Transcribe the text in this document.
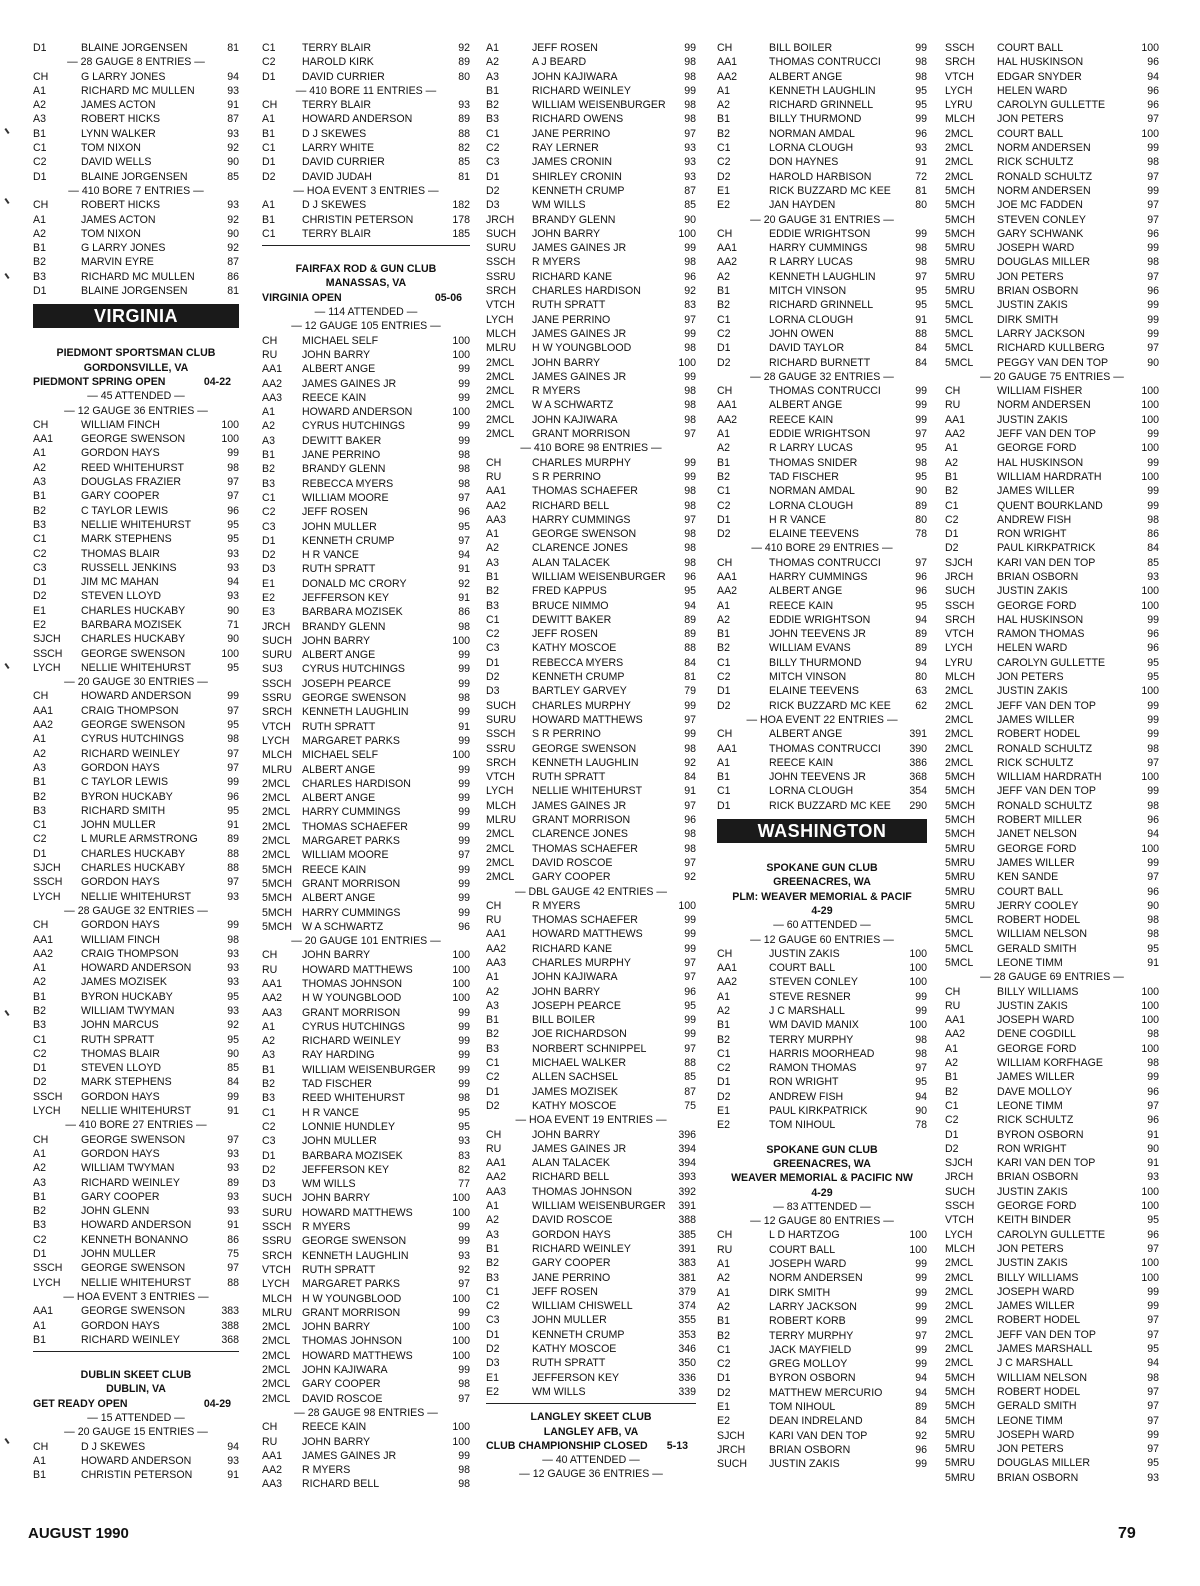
D1	BLAINE JORGENSEN	81
— 28 GAUGE 8 ENTRIES —
CH	G LARRY JONES	94
A1	RICHARD MC MULLEN	93
A2	JAMES ACTON	91
A3	ROBERT HICKS	87
B1	LYNN WALKER	93
C1	TOM NIXON	92
C2	DAVID WELLS	90
D1	BLAINE JORGENSEN	85
— 410 BORE 7 ENTRIES —
CH	ROBERT HICKS	93
A1	JAMES ACTON	92
A2	TOM NIXON	90
B1	G LARRY JONES	92
B2	MARVIN EYRE	87
B3	RICHARD MC MULLEN	86
D1	BLAINE JORGENSEN	81
VIRGINIA
PIEDMONT SPORTSMAN CLUB
GORDONSVILLE, VA
PIEDMONT SPRING OPEN	04-22
— 45 ATTENDED —
— 12 GAUGE 36 ENTRIES —
CH	WILLIAM FINCH	100
AA1	GEORGE SWENSON	100
A1	GORDON HAYS	99
A2	REED WHITEHURST	98
A3	DOUGLAS FRAZIER	97
B1	GARY COOPER	97
B2	C TAYLOR LEWIS	96
B3	NELLIE WHITEHURST	95
C1	MARK STEPHENS	95
C2	THOMAS BLAIR	93
C3	RUSSELL JENKINS	93
D1	JIM MC MAHAN	94
D2	STEVEN LLOYD	93
E1	CHARLES HUCKABY	90
E2	BARBARA MOZISEK	71
SJCH CHARLES HUCKABY	90
SSCH GEORGE SWENSON	100
LYCH NELLIE WHITEHURST	95
— 20 GAUGE 30 ENTRIES —
CH	HOWARD ANDERSON	99
AA1	CRAIG THOMPSON	97
AA2	GEORGE SWENSON	95
A1	CYRUS HUTCHINGS	98
A2	RICHARD WEINLEY	97
A3	GORDON HAYS	97
B1	C TAYLOR LEWIS	99
B2	BYRON HUCKABY	96
B3	RICHARD SMITH	95
C1	JOHN MULLER	91
C2	L MURLE ARMSTRONG	89
D1	CHARLES HUCKABY	88
SJCH CHARLES HUCKABY	88
SSCH GORDON HAYS	97
LYCH NELLIE WHITEHURST	93
— 28 GAUGE 32 ENTRIES —
CH	GORDON HAYS	99
AA1	WILLIAM FINCH	98
AA2	CRAIG THOMPSON	93
A1	HOWARD ANDERSON	93
A2	JAMES MOZISEK	93
B1	BYRON HUCKABY	95
B2	WILLIAM TWYMAN	93
B3	JOHN MARCUS	92
C1	RUTH SPRATT	95
C2	THOMAS BLAIR	90
D1	STEVEN LLOYD	85
D2	MARK STEPHENS	84
SSCH GORDON HAYS	99
LYCH NELLIE WHITEHURST	91
— 410 BORE 27 ENTRIES —
CH	GEORGE SWENSON	97
A1	GORDON HAYS	93
A2	WILLIAM TWYMAN	93
A3	RICHARD WEINLEY	89
B1	GARY COOPER	93
B2	JOHN GLENN	93
B3	HOWARD ANDERSON	91
C2	KENNETH BONANNO	86
D1	JOHN MULLER	75
SSCH GEORGE SWENSON	97
LYCH NELLIE WHITEHURST	88
— HOA EVENT 3 ENTRIES —
AA1	GEORGE SWENSON	383
A1	GORDON HAYS	388
B1	RICHARD WEINLEY	368
DUBLIN SKEET CLUB
DUBLIN, VA
GET READY OPEN	04-29
— 15 ATTENDED —
— 20 GAUGE 15 ENTRIES —
CH	D J SKEWES	94
A1	HOWARD ANDERSON	93
B1	CHRISTIN PETERSON	91
C1 TERRY BLAIR	92
C2 HAROLD KIRK	89
D1 DAVID CURRIER	80
— 410 BORE 11 ENTRIES —
CH TERRY BLAIR	93
A1	HOWARD ANDERSON	89
B1	D J SKEWES	88
C1 LARRY WHITE	82
D1 DAVID CURRIER	85
D2 DAVID JUDAH	81
— HOA EVENT 3 ENTRIES —
A1	D J SKEWES	182
B1	CHRISTIN PETERSON	178
C1 TERRY BLAIR	185
FAIRFAX ROD & GUN CLUB
MANASSAS, VA
VIRGINIA OPEN	05-06
— 114 ATTENDED —
— 12 GAUGE 105 ENTRIES —
CH MICHAEL SELF	100
RU JOHN BARRY	100
AA1 ALBERT ANGE	99
AA2 JAMES GAINES JR	99
AA3 REECE KAIN	99
A1	HOWARD ANDERSON	100
A2	CYRUS HUTCHINGS	99
A3	DEWITT BAKER	99
B1	JANE PERRINO	98
B2	BRANDY GLENN	98
B3	REBECCA MYERS	98
C1 WILLIAM MOORE	97
C2 JEFF ROSEN	96
C3 JOHN MULLER	95
D1 KENNETH CRUMP	97
D2 H R VANCE	94
D3 RUTH SPRATT	91
E1	DONALD MC CRORY	92
E2	JEFFERSON KEY	91
E3	BARBARA MOZISEK	86
JRCH BRANDY GLENN	98
SUCH JOHN BARRY	100
SURU ALBERT ANGE	99
SU3 CYRUS HUTCHINGS	99
SSCH JOSEPH PEARCE	99
SSRU GEORGE SWENSON	98
SRCH KENNETH LAUGHLIN	99
VTCH RUTH SPRATT	91
LYCH MARGARET PARKS	99
MLCH MICHAEL SELF	100
MLRU ALBERT ANGE	99
2MCL CHARLES HARDISON	99
2MCL ALBERT ANGE	99
2MCL HARRY CUMMINGS	99
2MCL THOMAS SCHAEFER	99
2MCL MARGARET PARKS	99
2MCL WILLIAM MOORE	97
5MCH REECE KAIN	99
5MCH GRANT MORRISON	99
5MCH ALBERT ANGE	99
5MCH HARRY CUMMINGS	99
5MCH W A SCHWARTZ	96
— 20 GAUGE 101 ENTRIES —
CH JOHN BARRY	100
RU HOWARD MATTHEWS	100
AA1 THOMAS JOHNSON	100
AA2 H W YOUNGBLOOD	100
AA3 GRANT MORRISON	99
A1	CYRUS HUTCHINGS	99
A2	RICHARD WEINLEY	99
A3	RAY HARDING	99
B1	WILLIAM WEISENBURGER 99
B2	TAD FISCHER	99
B3	REED WHITEHURST	98
C1 H R VANCE	95
C2 LONNIE HUNDLEY	95
C3 JOHN MULLER	93
D1 BARBARA MOZISEK	83
D2 JEFFERSON KEY	82
D3 WM WILLS	77
SUCH JOHN BARRY	100
SURU HOWARD MATTHEWS	100
SSCH R MYERS	99
SSRU GEORGE SWENSON	99
SRCH KENNETH LAUGHLIN	93
VTCH RUTH SPRATT	92
LYCH MARGARET PARKS	97
MLCH H W YOUNGBLOOD	100
MLRU GRANT MORRISON	99
2MCL JOHN BARRY	100
2MCL THOMAS JOHNSON	100
2MCL HOWARD MATTHEWS	100
2MCL JOHN KAJIWARA	99
2MCL GARY COOPER	98
2MCL DAVID ROSCOE	97
— 28 GAUGE 98 ENTRIES —
CH REECE KAIN	100
RU JOHN BARRY	100
AA1 JAMES GAINES JR	99
AA2 R MYERS	98
AA3 RICHARD BELL	98
A1	JEFF ROSEN	99
A2	A J BEARD	98
A3	JOHN KAJIWARA	98
B1	RICHARD WEINLEY	99
B2	WILLIAM WEISENBURGER 98
B3	RICHARD OWENS	98
C1	JANE PERRINO	97
C2	RAY LERNER	93
C3	JAMES CRONIN	93
D1	SHIRLEY CRONIN	93
D2	KENNETH CRUMP	87
D3	WM WILLS	85
JRCH BRANDY GLENN	90
SUCH JOHN BARRY	100
SURU JAMES GAINES JR	99
SSCH R MYERS	98
SSRU RICHARD KANE	96
SRCH CHARLES HARDISON	92
VTCH RUTH SPRATT	83
LYCH JANE PERRINO	97
MLCH JAMES GAINES JR	99
MLRU H W YOUNGBLOOD	98
2MCL JOHN BARRY	100
2MCL JAMES GAINES JR	99
2MCL R MYERS	98
2MCL W A SCHWARTZ	98
2MCL JOHN KAJIWARA	98
2MCL GRANT MORRISON	97
— 410 BORE 98 ENTRIES —
CH	CHARLES MURPHY	99
RU	S R PERRINO	99
AA1 THOMAS SCHAEFER	98
AA2 RICHARD BELL	98
AA3 HARRY CUMMINGS	97
A1	GEORGE SWENSON	98
A2	CLARENCE JONES	98
A3	ALAN TALACEK	98
B1	WILLIAM WEISENBURGER 96
B2	FRED KAPPUS	95
B3	BRUCE NIMMO	94
C1	DEWITT BAKER	89
C2	JEFF ROSEN	89
C3	KATHY MOSCOE	88
D1	REBECCA MYERS	84
D2	KENNETH CRUMP	81
D3	BARTLEY GARVEY	79
SUCH CHARLES MURPHY	99
SURU HOWARD MATTHEWS	97
SSCH S R PERRINO	99
SSRU GEORGE SWENSON	98
SRCH KENNETH LAUGHLIN	92
VTCH RUTH SPRATT	84
LYCH NELLIE WHITEHURST	91
MLCH JAMES GAINES JR	97
MLRU GRANT MORRISON	96
2MCL CLARENCE JONES	98
2MCL THOMAS SCHAEFER	98
2MCL DAVID ROSCOE	97
2MCL GARY COOPER	92
— DBL GAUGE 42 ENTRIES —
CH	R MYERS	100
RU	THOMAS SCHAEFER	99
AA1 HOWARD MATTHEWS	99
AA2 RICHARD KANE	99
AA3 CHARLES MURPHY	97
A1	JOHN KAJIWARA	97
A2	JOHN BARRY	96
A3	JOSEPH PEARCE	95
B1	BILL BOILER	99
B2	JOE RICHARDSON	99
B3	NORBERT SCHNIPPEL	97
C1	MICHAEL WALKER	88
C2	ALLEN SACHSEL	85
D1	JAMES MOZISEK	87
D2	KATHY MOSCOE	75
— HOA EVENT 19 ENTRIES —
CH	JOHN BARRY	396
RU	JAMES GAINES JR	394
AA1 ALAN TALACEK	394
AA2 RICHARD BELL	393
AA3 THOMAS JOHNSON	392
A1	WILLIAM WEISENBURGER 391
A2	DAVID ROSCOE	388
A3	GORDON HAYS	385
B1	RICHARD WEINLEY	391
B2	GARY COOPER	383
B3	JANE PERRINO	381
C1	JEFF ROSEN	379
C2	WILLIAM CHISWELL	374
C3	JOHN MULLER	355
D1	KENNETH CRUMP	353
D2	KATHY MOSCOE	346
D3	RUTH SPRATT	350
E1	JEFFERSON KEY	336
E2	WM WILLS	339
LANGLEY SKEET CLUB
LANGLEY AFB, VA
CLUB CHAMPIONSHIP CLOSED 5-13
— 40 ATTENDED —
— 12 GAUGE 36 ENTRIES —
CH	BILL BOILER	99
AA1	THOMAS CONTRUCCI	98
AA2	ALBERT ANGE	98
A1	KENNETH LAUGHLIN	95
A2	RICHARD GRINNELL	95
B1	BILLY THURMOND	99
B2	NORMAN AMDAL	96
C1	LORNA CLOUGH	93
C2	DON HAYNES	91
D2	HAROLD HARBISON	72
E1	RICK BUZZARD MC KEE 81
E2	JAN HAYDEN	80
— 20 GAUGE 31 ENTRIES —
CH	EDDIE WRIGHTSON	99
AA1	HARRY CUMMINGS	98
AA2	R LARRY LUCAS	98
A2	KENNETH LAUGHLIN	97
B1	MITCH VINSON	95
B2	RICHARD GRINNELL	95
C1	LORNA CLOUGH	91
C2	JOHN OWEN	88
D1	DAVID TAYLOR	84
D2	RICHARD BURNETT	84
— 28 GAUGE 32 ENTRIES —
CH	THOMAS CONTRUCCI	99
AA1	ALBERT ANGE	99
AA2	REECE KAIN	99
A1	EDDIE WRIGHTSON	97
A2	R LARRY LUCAS	95
B1	THOMAS SNIDER	98
B2	TAD FISCHER	95
C1	NORMAN AMDAL	90
C2	LORNA CLOUGH	89
D1	H R VANCE	80
D2	ELAINE TEEVENS	78
— 410 BORE 29 ENTRIES —
CH	THOMAS CONTRUCCI	97
AA1	HARRY CUMMINGS	96
AA2	ALBERT ANGE	96
A1	REECE KAIN	95
A2	EDDIE WRIGHTSON	94
B1	JOHN TEEVENS JR	89
B2	WILLIAM EVANS	89
C1	BILLY THURMOND	94
C2	MITCH VINSON	80
D1	ELAINE TEEVENS	63
D2	RICK BUZZARD MC KEE 62
— HOA EVENT 22 ENTRIES —
CH	ALBERT ANGE	391
AA1	THOMAS CONTRUCCI	390
A1	REECE KAIN	386
B1	JOHN TEEVENS JR	368
C1	LORNA CLOUGH	354
D1	RICK BUZZARD MC KEE 290
WASHINGTON
SPOKANE GUN CLUB
GREENACRES, WA
PLM: WEAVER MEMORIAL & PACIF
4-29
— 60 ATTENDED —
— 12 GAUGE 60 ENTRIES —
CH	JUSTIN ZAKIS	100
AA1	COURT BALL	100
AA2	STEVEN CONLEY	100
A1	STEVE RESNER	99
A2	J C MARSHALL	99
B1	WM DAVID MANIX	100
B2	TERRY MURPHY	98
C1	HARRIS MOORHEAD	98
C2	RAMON THOMAS	97
D1	RON WRIGHT	95
D2	ANDREW FISH	94
E1	PAUL KIRKPATRICK	90
E2	TOM NIHOUL	78
SPOKANE GUN CLUB
GREENACRES, WA
WEAVER MEMORIAL & PACIFIC NW
4-29
— 83 ATTENDED —
— 12 GAUGE 80 ENTRIES —
CH	L D HARTZOG	100
RU	COURT BALL	100
A1	JOSEPH WARD	99
A2	NORM ANDERSEN	99
A1	DIRK SMITH	99
A2	LARRY JACKSON	99
B1	ROBERT KORB	99
B2	TERRY MURPHY	97
C1	JACK MAYFIELD	99
C2	GREG MOLLOY	99
D1	BYRON OSBORN	94
D2	MATTHEW MERCURIO	94
E1	TOM NIHOUL	89
E2	DEAN INDRELAND	84
SJCH KARI VAN DEN TOP	92
JRCH BRIAN OSBORN	96
SUCH JUSTIN ZAKIS	99
SSCH COURT BALL	100
SRCH HAL HUSKINSON	96
VTCH EDGAR SNYDER	94
LYCH HELEN WARD	96
LYRU CAROLYN GULLETTE	96
MLCH JON PETERS	97
2MCL COURT BALL	100
2MCL NORM ANDERSEN	99
2MCL RICK SCHULTZ	98
2MCL RONALD SCHULTZ	97
5MCH NORM ANDERSEN	99
5MCH JOE MC FADDEN	97
5MCH STEVEN CONLEY	97
5MCH GARY SCHWANK	96
5MRU JOSEPH WARD	99
5MRU DOUGLAS MILLER	98
5MRU JON PETERS	97
5MRU BRIAN OSBORN	96
5MCL JUSTIN ZAKIS	99
5MCL DIRK SMITH	99
5MCL LARRY JACKSON	99
5MCL RICHARD KULLBERG	97
5MCL PEGGY VAN DEN TOP	90
— 20 GAUGE 75 ENTRIES —
CH	WILLIAM FISHER	100
RU	NORM ANDERSEN	100
AA1	JUSTIN ZAKIS	100
AA2	JEFF VAN DEN TOP	99
A1	GEORGE FORD	100
A2	HAL HUSKINSON	99
B1	WILLIAM HARDRATH	100
B2	JAMES WILLER	99
C1	QUENT BOURKLAND	99
C2	ANDREW FISH	98
D1	RON WRIGHT	86
D2	PAUL KIRKPATRICK	84
SJCH KARI VAN DEN TOP	85
JRCH BRIAN OSBORN	93
SUCH JUSTIN ZAKIS	100
SSCH GEORGE FORD	100
SRCH HAL HUSKINSON	99
VTCH RAMON THOMAS	96
LYCH HELEN WARD	96
LYRU CAROLYN GULLETTE	95
MLCH JON PETERS	95
2MCL JUSTIN ZAKIS	100
2MCL JEFF VAN DEN TOP	99
2MCL JAMES WILLER	99
2MCL ROBERT HODEL	99
2MCL RONALD SCHULTZ	98
2MCL RICK SCHULTZ	97
5MCH WILLIAM HARDRATH	100
5MCH JEFF VAN DEN TOP	99
5MCH RONALD SCHULTZ	98
5MCH ROBERT MILLER	96
5MCH JANET NELSON	94
5MRU GEORGE FORD	100
5MRU JAMES WILLER	99
5MRU KEN SANDE	97
5MRU COURT BALL	96
5MRU JERRY COOLEY	90
5MCL ROBERT HODEL	98
5MCL WILLIAM NELSON	98
5MCL GERALD SMITH	95
5MCL LEONE TIMM	91
— 28 GAUGE 69 ENTRIES —
CH	BILLY WILLIAMS	100
RU	JUSTIN ZAKIS	100
AA1	JOSEPH WARD	100
AA2	DENE COGDILL	98
A1	GEORGE FORD	100
A2	WILLIAM KORFHAGE	98
B1	JAMES WILLER	99
B2	DAVE MOLLOY	96
C1	LEONE TIMM	97
C2	RICK SCHULTZ	96
D1	BYRON OSBORN	91
D2	RON WRIGHT	90
SJCH KARI VAN DEN TOP	91
JRCH BRIAN OSBORN	93
SUCH JUSTIN ZAKIS	100
SSCH GEORGE FORD	100
VTCH KEITH BINDER	95
LYCH CAROLYN GULLETTE	96
MLCH JON PETERS	97
2MCL JUSTIN ZAKIS	100
2MCL BILLY WILLIAMS	100
2MCL JOSEPH WARD	99
2MCL JAMES WILLER	99
2MCL ROBERT HODEL	97
2MCL JEFF VAN DEN TOP	97
2MCL JAMES MARSHALL	95
2MCL J C MARSHALL	94
5MCH WILLIAM NELSON	98
5MCH ROBERT HODEL	97
5MCH GERALD SMITH	97
5MCH LEONE TIMM	97
5MRU JOSEPH WARD	99
5MRU JON PETERS	97
5MRU DOUGLAS MILLER	95
5MRU BRIAN OSBORN	93
AUGUST 1990	79
